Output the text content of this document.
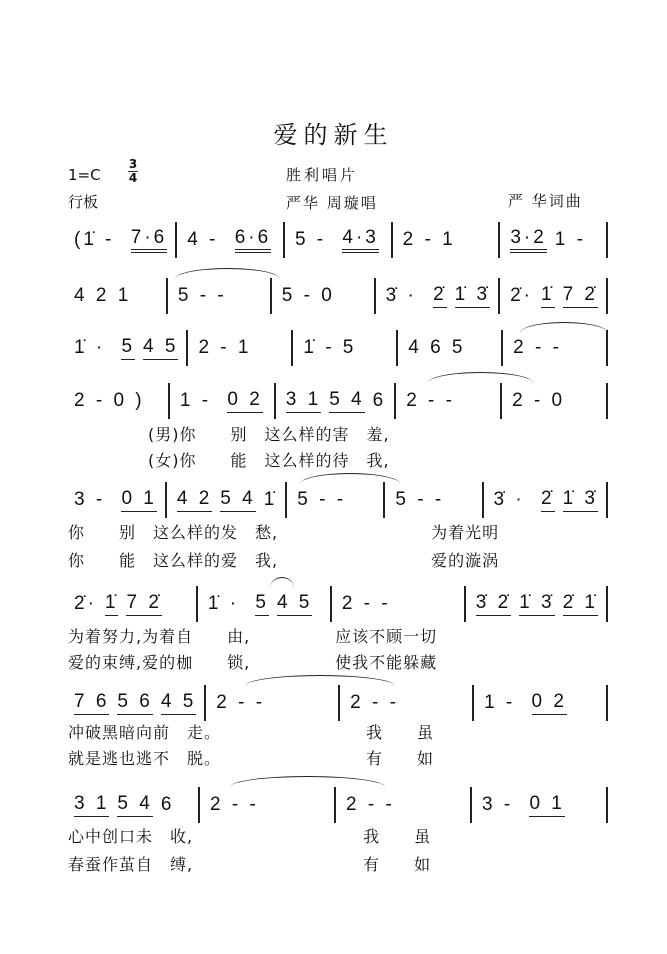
爱的新生
1=C
3
4
行板
胜利唱片
严华 周璇唱	严 华词曲
(1̇ - 7·6 4 - 6·6 5 - 4·3 2 - 1	3·2 1 -
4 2 1 5 - -	5 - 0	3̇ · 2̇ 1̇ 3̇ 2̇· 1̇ 7 2̇
1̇ · 5 4 5 2 - 1	1̇ - 5	4 6 5	2 - -
2 - 0 ) 1 - 0 2 3 1 5 4 6 2 - -	2 - 0
3 - 0 1 4 2 5 4 1̇ 5 - -	5 - -	3̇ · 2̇ 1̇ 3̇
2̇· 1̇ 7 2̇ 1̇ · 5 4 5 2 - -	3̇ 2̇ 1̇ 3̇ 2̇ 1̇
7 6 5 6 4 5 2 - -	2 - -	1 - 0 2
3 1 5 4 6 2 - -	2 - -	3 - 0 1
(男)你　　别　这么样的害　羞,
(女)你　　能　这么样的待　我,
你　　别　这么样的发　愁,　　　　　　　　　为着光明
你　　能　这么样的爱　我,　　　　　　　　　爱的漩涡
为着努力,为着自　　由,　　　　　应该不顾一切
爱的束缚,爱的枷　　锁,　　　　　使我不能躲藏
冲破黑暗向前　走。　　　　　　　　　我　　虽
就是逃也逃不　脱。　　　　　　　　　有　　如
心中创口未　收,　　　　　　　　　　我　　虽
春蚕作茧自　缚,　　　　　　　　　　有　　如
